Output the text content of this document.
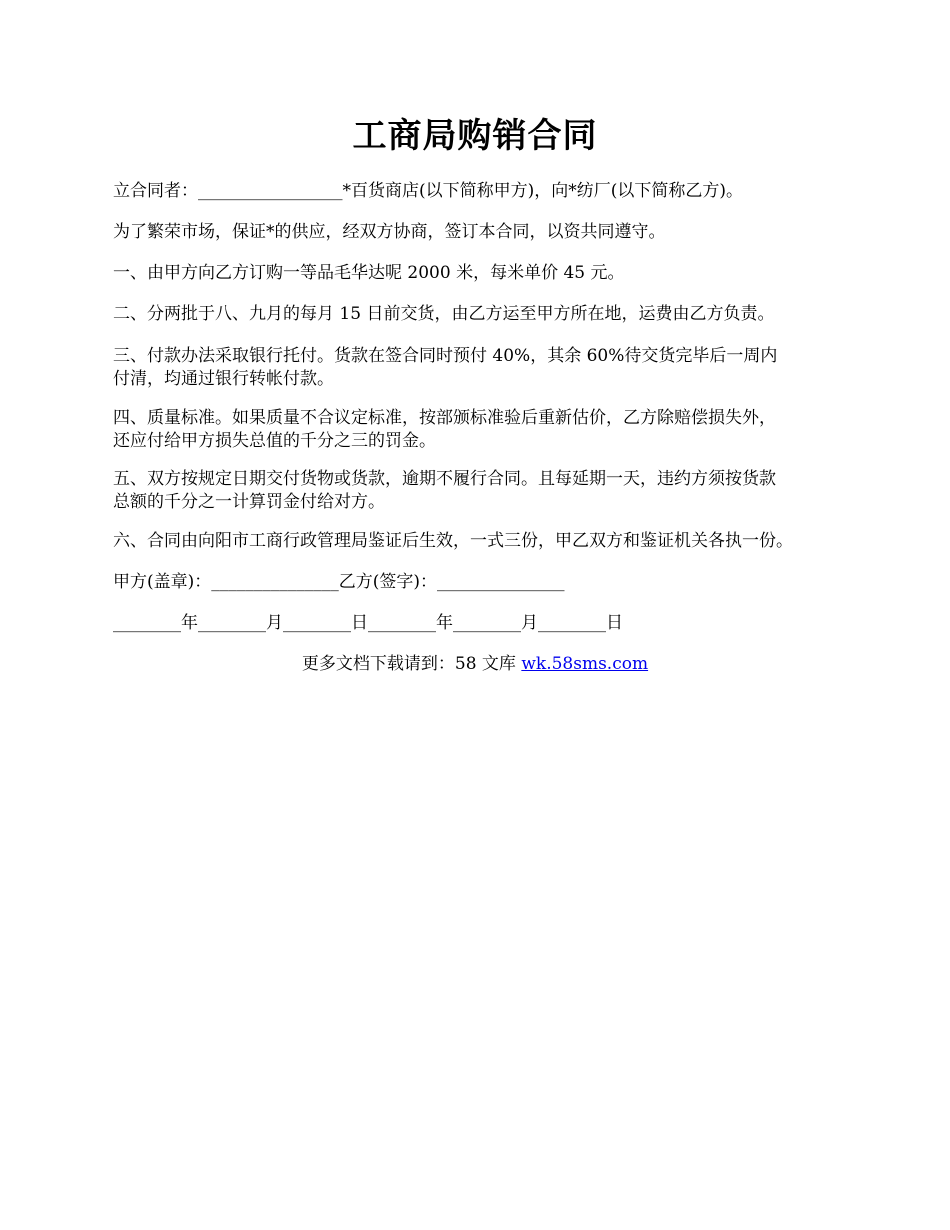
工商局购销合同
立合同者：_________________*百货商店(以下简称甲方)，向*纺厂(以下简称乙方)。
为了繁荣市场，保证*的供应，经双方协商，签订本合同，以资共同遵守。
一、由甲方向乙方订购一等品毛华达呢 2000 米，每米单价 45 元。
二、分两批于八、九月的每月 15 日前交货，由乙方运至甲方所在地，运费由乙方负责。
三、付款办法采取银行托付。货款在签合同时预付 40%，其余 60%待交货完毕后一周内
付清，均通过银行转帐付款。
四、质量标准。如果质量不合议定标准，按部颁标准验后重新估价，乙方除赔偿损失外，
还应付给甲方损失总值的千分之三的罚金。
五、双方按规定日期交付货物或货款，逾期不履行合同。且每延期一天，违约方须按货款
总额的千分之一计算罚金付给对方。
六、合同由向阳市工商行政管理局鉴证后生效，一式三份，甲乙双方和鉴证机关各执一份。
甲方(盖章)：_______________乙方(签字)：_______________
________年________月________日________年________月________日
更多文档下载请到：58 文库 wk.58sms.com
